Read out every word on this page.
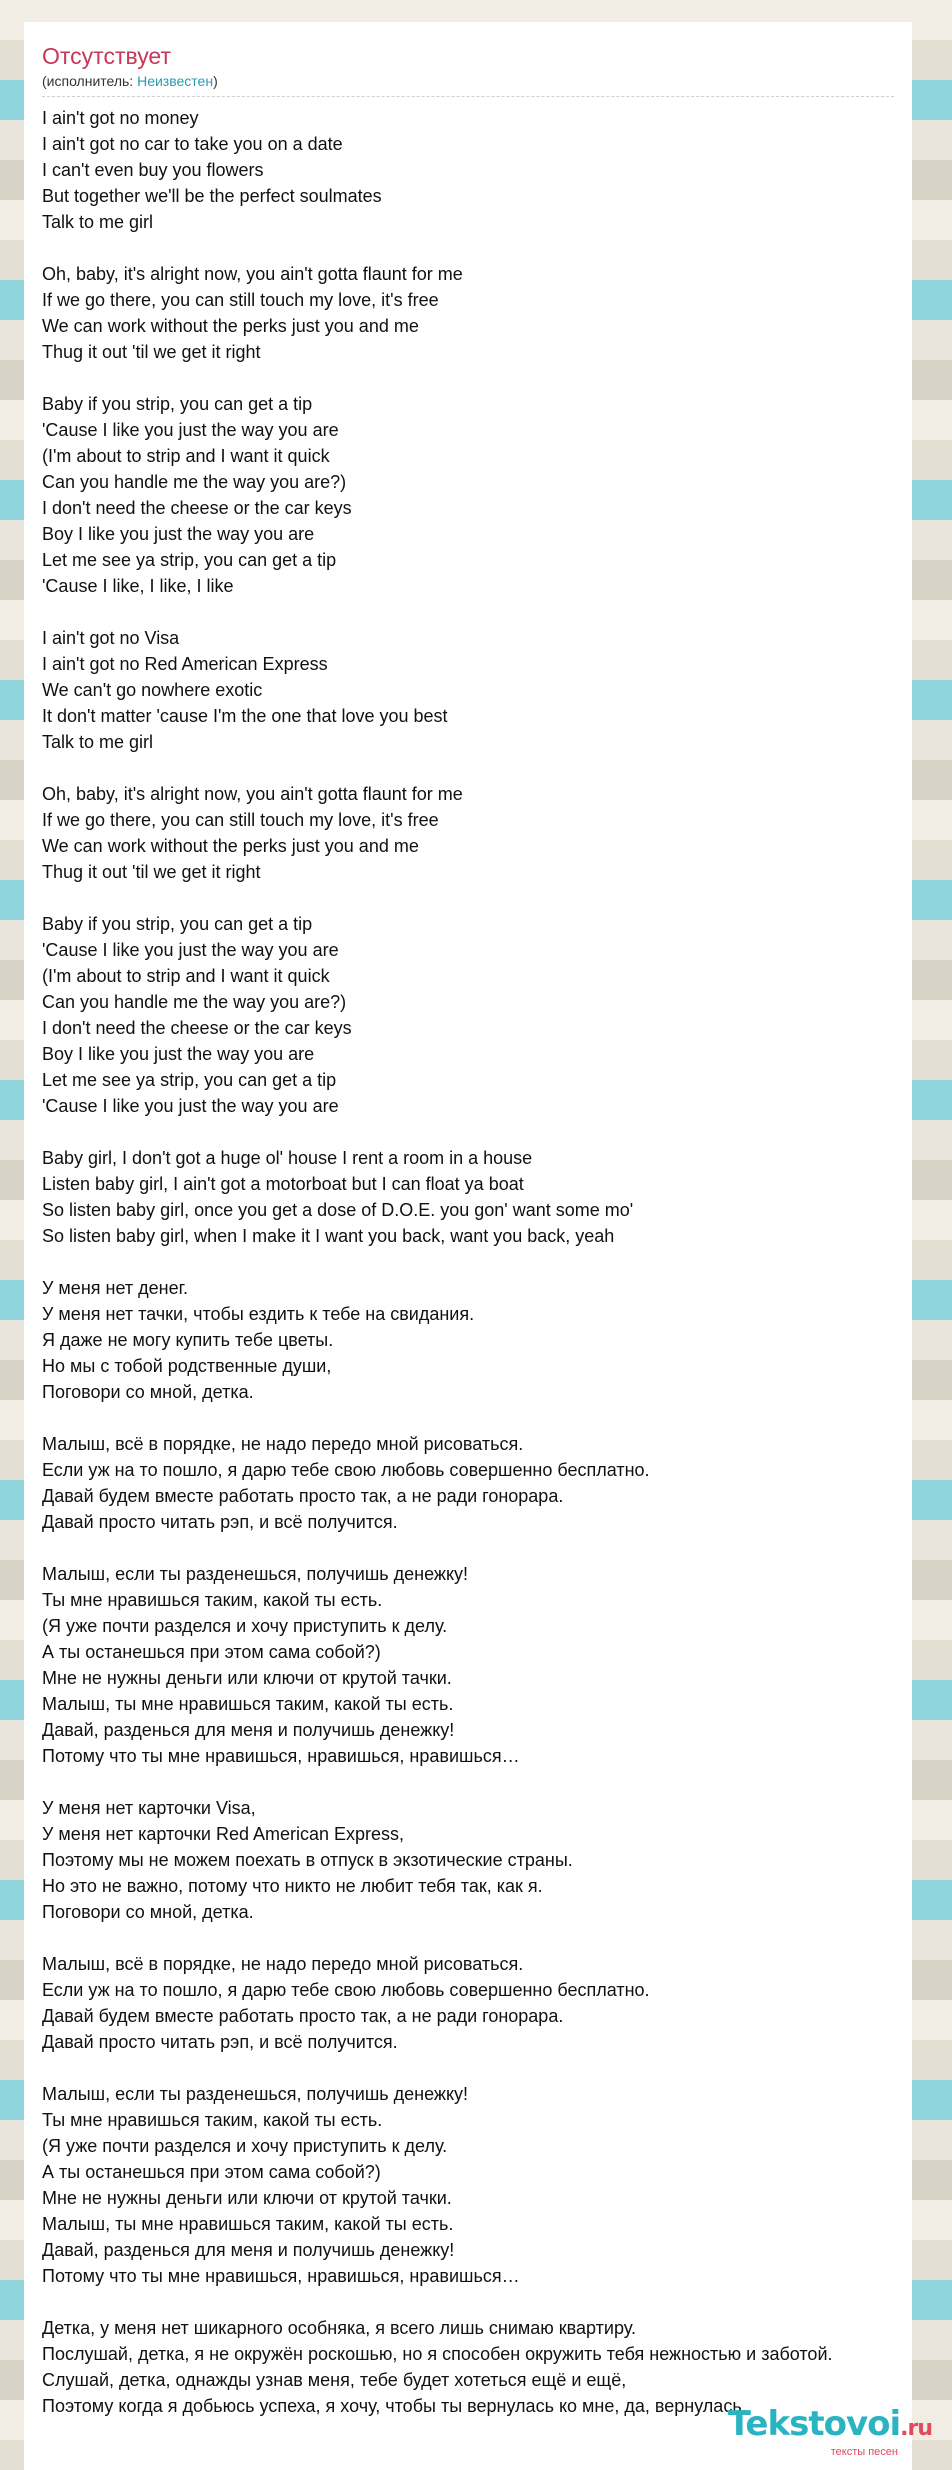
Отсутствует
(исполнитель: Неизвестен)
I ain't got no money
I ain't got no car to take you on a date
I can't even buy you flowers
But together we'll be the perfect soulmates
Talk to me girl
Oh, baby, it's alright now, you ain't gotta flaunt for me
If we go there, you can still touch my love, it's free
We can work without the perks just you and me
Thug it out 'til we get it right
Baby if you strip, you can get a tip
'Cause I like you just the way you are
(I'm about to strip and I want it quick
Can you handle me the way you are?)
I don't need the cheese or the car keys
Boy I like you just the way you are
Let me see ya strip, you can get a tip
'Cause I like, I like, I like
I ain't got no Visa
I ain't got no Red American Express
We can't go nowhere exotic
It don't matter 'cause I'm the one that love you best
Talk to me girl
Oh, baby, it's alright now, you ain't gotta flaunt for me
If we go there, you can still touch my love, it's free
We can work without the perks just you and me
Thug it out 'til we get it right
Baby if you strip, you can get a tip
'Cause I like you just the way you are
(I'm about to strip and I want it quick
Can you handle me the way you are?)
I don't need the cheese or the car keys
Boy I like you just the way you are
Let me see ya strip, you can get a tip
'Cause I like you just the way you are
Baby girl, I don't got a huge ol' house I rent a room in a house
Listen baby girl, I ain't got a motorboat but I can float ya boat
So listen baby girl, once you get a dose of D.O.E. you gon' want some mo'
So listen baby girl, when I make it I want you back, want you back, yeah
У меня нет денег.
У меня нет тачки, чтобы ездить к тебе на свидания.
Я даже не могу купить тебе цветы.
Но мы с тобой родственные души,
Поговори со мной, детка.
Малыш, всё в порядке, не надо передо мной рисоваться.
Если уж на то пошло, я дарю тебе свою любовь совершенно бесплатно.
Давай будем вместе работать просто так, а не ради гонорара.
Давай просто читать рэп, и всё получится.
Малыш, если ты разденешься, получишь денежку!
Ты мне нравишься таким, какой ты есть.
(Я уже почти разделся и хочу приступить к делу.
А ты останешься при этом сама собой?)
Мне не нужны деньги или ключи от крутой тачки.
Малыш, ты мне нравишься таким, какой ты есть.
Давай, разденься для меня и получишь денежку!
Потому что ты мне нравишься, нравишься, нравишься…
У меня нет карточки Visa,
У меня нет карточки Red American Express,
Поэтому мы не можем поехать в отпуск в экзотические страны.
Но это не важно, потому что никто не любит тебя так, как я.
Поговори со мной, детка.
Малыш, всё в порядке, не надо передо мной рисоваться.
Если уж на то пошло, я дарю тебе свою любовь совершенно бесплатно.
Давай будем вместе работать просто так, а не ради гонорара.
Давай просто читать рэп, и всё получится.
Малыш, если ты разденешься, получишь денежку!
Ты мне нравишься таким, какой ты есть.
(Я уже почти разделся и хочу приступить к делу.
А ты останешься при этом сама собой?)
Мне не нужны деньги или ключи от крутой тачки.
Малыш, ты мне нравишься таким, какой ты есть.
Давай, разденься для меня и получишь денежку!
Потому что ты мне нравишься, нравишься, нравишься…
Детка, у меня нет шикарного особняка, я всего лишь снимаю квартиру.
Послушай, детка, я не окружён роскошью, но я способен окружить тебя нежностью и заботой.
Слушай, детка, однажды узнав меня, тебе будет хотеться ещё и ещё,
Поэтому когда я добьюсь успеха, я хочу, чтобы ты вернулась ко мне, да, вернулась.
Tekstovoi.ru
тексты песен
